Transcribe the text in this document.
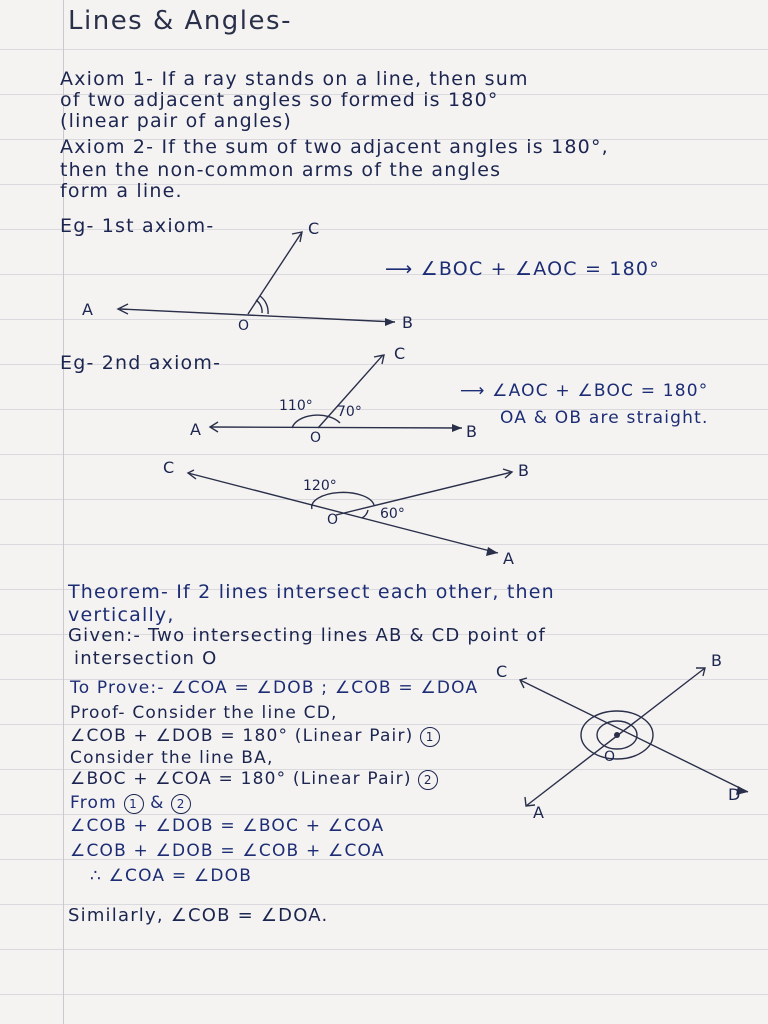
Lines & Angles-
Axiom 1- If a ray stands on a line, then sum
of two adjacent angles so formed is 180°
(linear pair of angles)
Axiom 2- If the sum of two adjacent angles is 180°,
then the non-common arms of the angles
form a line.
Eg- 1st axiom-
⟶ ∠BOC + ∠AOC = 180°
A
B
C
O
Eg- 2nd axiom-
⟶ ∠AOC + ∠BOC = 180°
OA & OB are straight.
A	B
C
O
110° 70°
C	B
A
O
120°
60°
Theorem- If 2 lines intersect each other, then
vertically,
Given:- Two intersecting lines AB & CD point of
intersection O
To Prove:- ∠COA = ∠DOB ; ∠COB = ∠DOA
Proof- Consider the line CD,
∠COB + ∠DOB = 180° (Linear Pair) 1
Consider the line BA,
∠BOC + ∠COA = 180° (Linear Pair) 2
From 1 & 2
∠COB + ∠DOB = ∠BOC + ∠COA
∠COB + ∠DOB = ∠COB + ∠COA
∴ ∠COA = ∠DOB
Similarly, ∠COB = ∠DOA.
C
B
A
D
O
